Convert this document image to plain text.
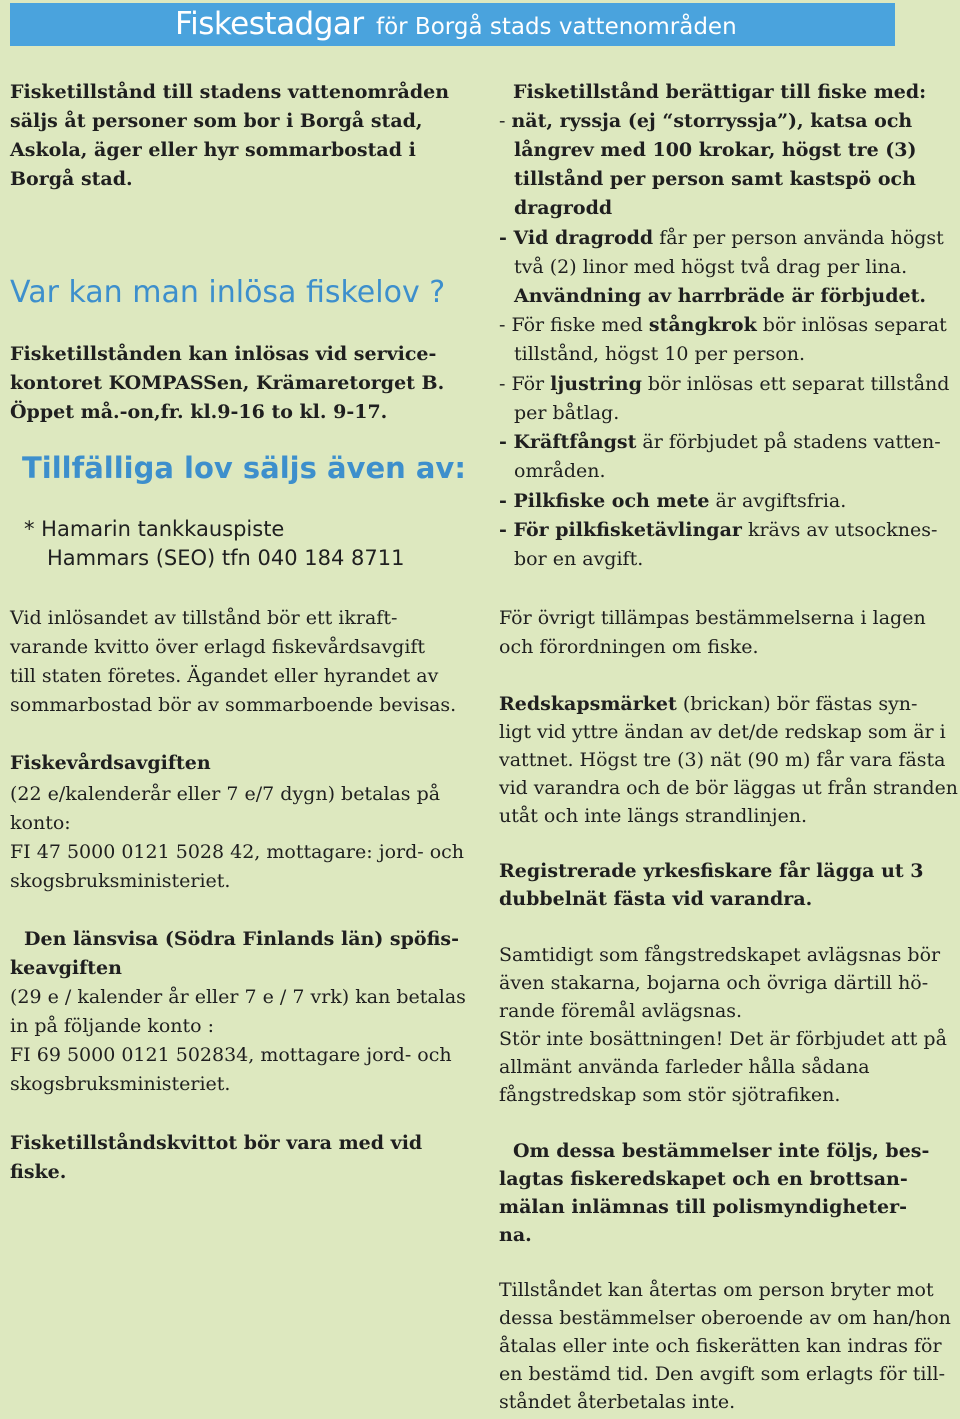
Fiskestadgar för Borgå stads vattenområden
Fisketillstånd till stadens vattenområden
säljs åt personer som bor i Borgå stad,
Askola, äger eller hyr sommarbostad i
Borgå stad.
Var kan man inlösa fiskelov ?
Fisketillstånden kan inlösas vid service-
kontoret KOMPASSen, Krämaretorget B.
Öppet må.-on,fr. kl.9-16 to kl. 9-17.
Tillfälliga lov säljs även av:
* Hamarin tankkauspiste
Hammars (SEO) tfn 040 184 8711
Vid inlösandet av tillstånd bör ett ikraft-
varande kvitto över erlagd fiskevårdsavgift
till staten företes. Ägandet eller hyrandet av
sommarbostad bör av sommarboende bevisas.
Fiskevårdsavgiften
(22 e/kalenderår eller 7 e/7 dygn) betalas på
konto:
FI 47 5000 0121 5028 42, mottagare: jord- och
skogsbruksministeriet.
Den länsvisa (Södra Finlands län) spöfis-
keavgiften
(29 e / kalender år eller 7 e / 7 vrk) kan betalas
in på följande konto :
FI 69 5000 0121 502834, mottagare jord- och
skogsbruksministeriet.
Fisketillståndskvittot bör vara med vid
fiske.
Fisketillstånd berättigar till fiske med:
- nät, ryssja (ej “storryssja”), katsa och
långrev med 100 krokar, högst tre (3)
tillstånd per person samt kastspö och
dragrodd
- Vid dragrodd får per person använda högst
två (2) linor med högst två drag per lina.
Användning av harrbräde är förbjudet.
- För fiske med stångkrok bör inlösas separat
tillstånd, högst 10 per person.
- För ljustring bör inlösas ett separat tillstånd
per båtlag.
- Kräftfångst är förbjudet på stadens vatten-
områden.
- Pilkfiske och mete är avgiftsfria.
- För pilkfisketävlingar krävs av utsocknes-
bor en avgift.
För övrigt tillämpas bestämmelserna i lagen
och förordningen om fiske.
Redskapsmärket (brickan) bör fästas syn-
ligt vid yttre ändan av det/de redskap som är i
vattnet. Högst tre (3) nät (90 m) får vara fästa
vid varandra och de bör läggas ut från stranden
utåt och inte längs strandlinjen.
Registrerade yrkesfiskare får lägga ut 3
dubbelnät fästa vid varandra.
Samtidigt som fångstredskapet avlägsnas bör
även stakarna, bojarna och övriga därtill hö-
rande föremål avlägsnas.
Stör inte bosättningen! Det är förbjudet att på
allmänt använda farleder hålla sådana
fångstredskap som stör sjötrafiken.
Om dessa bestämmelser inte följs, bes-
lagtas fiskeredskapet och en brottsan-
mälan inlämnas till polismyndigheter-
na.
Tillståndet kan återtas om person bryter mot
dessa bestämmelser oberoende av om han/hon
åtalas eller inte och fiskerätten kan indras för
en bestämd tid. Den avgift som erlagts för till-
ståndet återbetalas inte.
